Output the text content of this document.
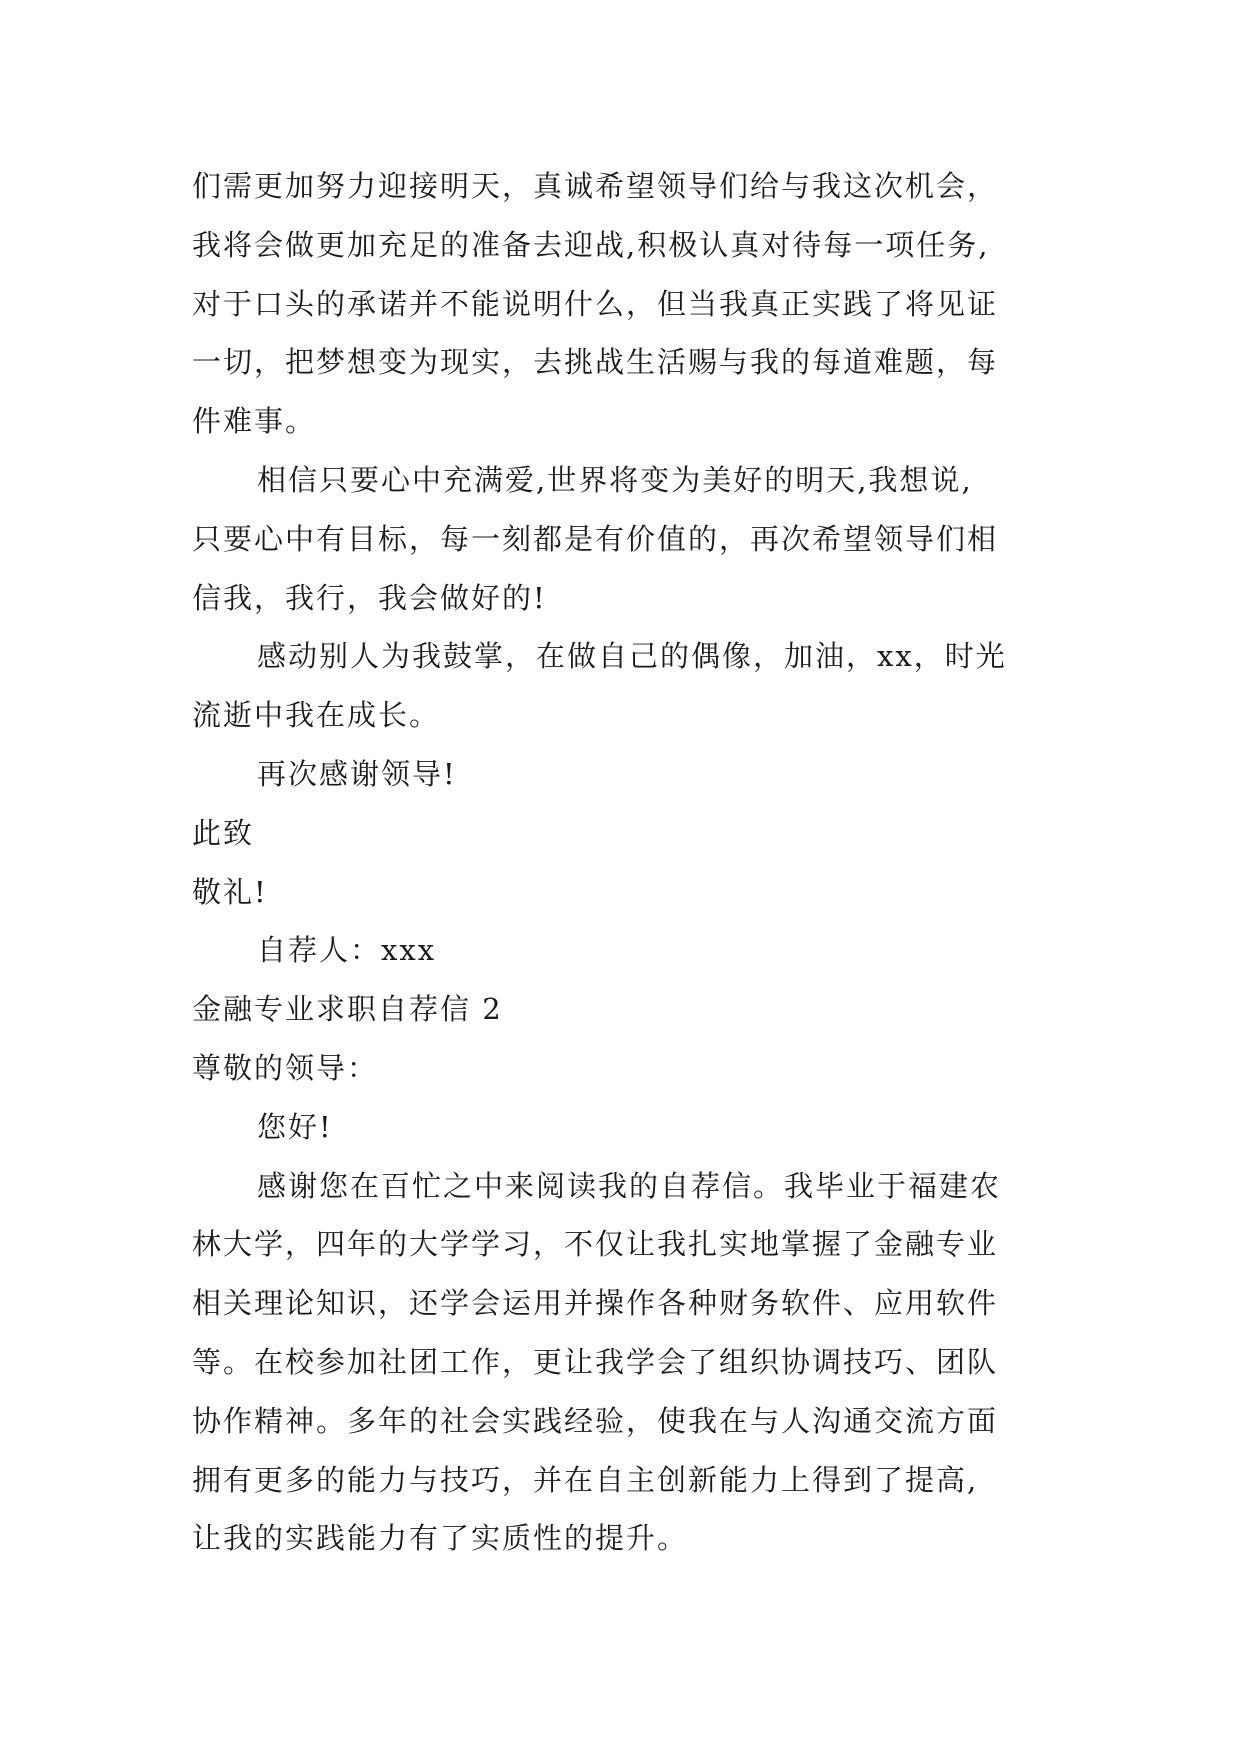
们需更加努力迎接明天，真诚希望领导们给与我这次机会，

我将会做更加充足的准备去迎战,积极认真对待每一项任务,

对于口头的承诺并不能说明什么，但当我真正实践了将见证

一切，把梦想变为现实，去挑战生活赐与我的每道难题，每

件难事。

相信只要心中充满爱,世界将变为美好的明天,我想说,

只要心中有目标，每一刻都是有价值的，再次希望领导们相

信我，我行，我会做好的!

感动别人为我鼓掌，在做自己的偶像，加油，xx，时光

流逝中我在成长。

再次感谢领导!

此致

敬礼!

自荐人：xxx

金融专业求职自荐信 2

尊敬的领导：

您好!

感谢您在百忙之中来阅读我的自荐信。我毕业于福建农

林大学，四年的大学学习，不仅让我扎实地掌握了金融专业

相关理论知识，还学会运用并操作各种财务软件、应用软件

等。在校参加社团工作，更让我学会了组织协调技巧、团队

协作精神。多年的社会实践经验，使我在与人沟通交流方面

拥有更多的能力与技巧，并在自主创新能力上得到了提高,

让我的实践能力有了实质性的提升。
